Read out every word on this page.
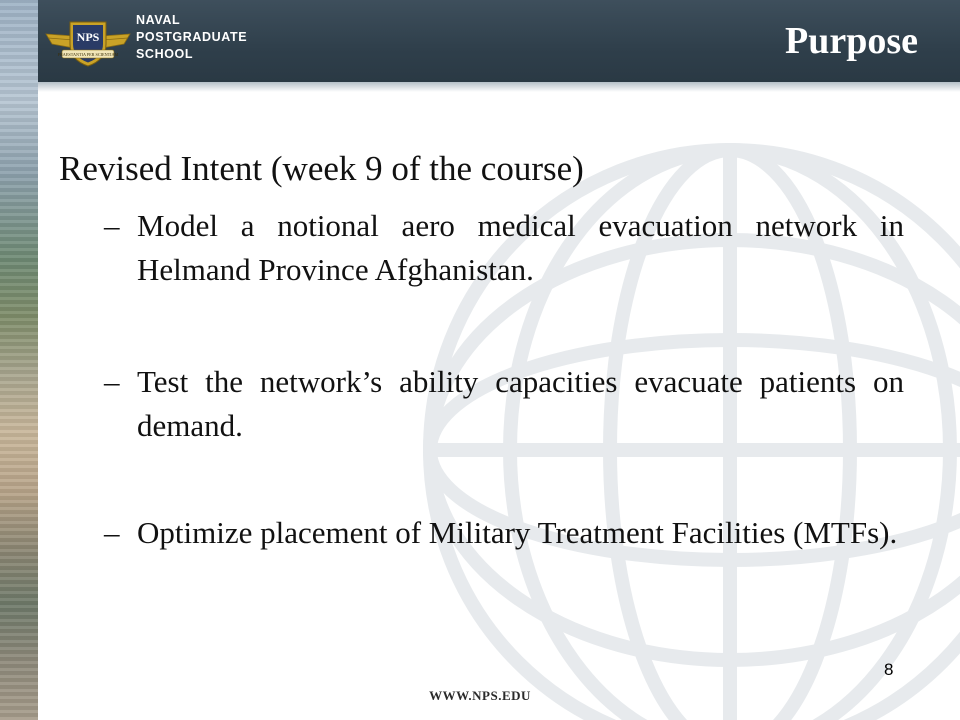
NPS
PRAESTANTIA PER SCIENTIAM
NAVAL
POSTGRADUATE
SCHOOL	Purpose
Revised Intent (week 9 of the course)
– Model a notional aero medical evacuation network in Helmand Province Afghanistan.
– Test the network’s ability capacities evacuate patients on demand.
– Optimize placement of Military Treatment Facilities (MTFs).
8
WWW.NPS.EDU
